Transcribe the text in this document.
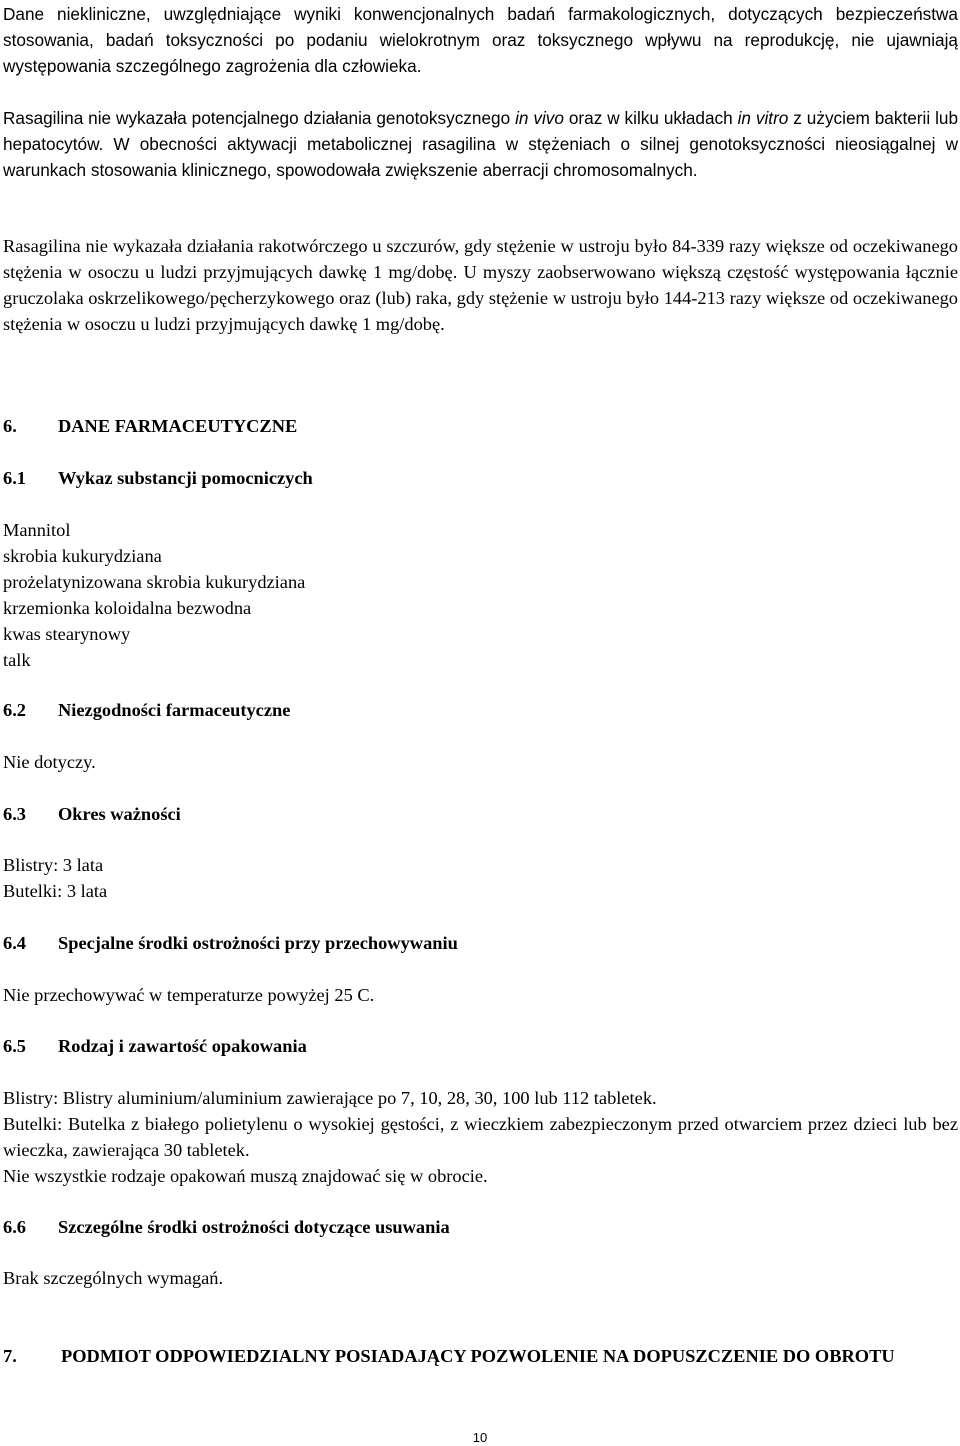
Dane niekliniczne, uwzględniające wyniki konwencjonalnych badań farmakologicznych, dotyczących bezpieczeństwa stosowania, badań toksyczności po podaniu wielokrotnym oraz toksycznego wpływu na reprodukcję, nie ujawniają występowania szczególnego zagrożenia dla człowieka.

Rasagilina nie wykazała potencjalnego działania genotoksycznego in vivo oraz w kilku układach in vitro z użyciem bakterii lub hepatocytów. W obecności aktywacji metabolicznej rasagilina w stężeniach o silnej genotoksyczności nieosiągalnej w warunkach stosowania klinicznego, spowodowała zwiększenie aberracji chromosomalnych.

Rasagilina nie wykazała działania rakotwórczego u szczurów, gdy stężenie w ustroju było 84-339 razy większe od oczekiwanego stężenia w osoczu u ludzi przyjmujących dawkę 1 mg/dobę. U myszy zaobserwowano większą częstość występowania łącznie gruczolaka oskrzelikowego/pęcherzykowego oraz (lub) raka, gdy stężenie w ustroju było 144-213 razy większe od oczekiwanego stężenia w osoczu u ludzi przyjmujących dawkę 1 mg/dobę.

6. DANE FARMACEUTYCZNE

6.1 Wykaz substancji pomocniczych

Mannitol

skrobia kukurydziana

prożelatynizowana skrobia kukurydziana

krzemionka koloidalna bezwodna

kwas stearynowy

talk

6.2 Niezgodności farmaceutyczne

Nie dotyczy.

6.3 Okres ważności

Blistry: 3 lata

Butelki: 3 lata

6.4 Specjalne środki ostrożności przy przechowywaniu

Nie przechowywać w temperaturze powyżej 25 C.

6.5 Rodzaj i zawartość opakowania

Blistry: Blistry aluminium/aluminium zawierające po 7, 10, 28, 30, 100 lub 112 tabletek.

Butelki: Butelka z białego polietylenu o wysokiej gęstości, z wieczkiem zabezpieczonym przed otwarciem przez dzieci lub bez wieczka, zawierająca 30 tabletek.

Nie wszystkie rodzaje opakowań muszą znajdować się w obrocie.

6.6 Szczególne środki ostrożności dotyczące usuwania

Brak szczególnych wymagań.

7. PODMIOT ODPOWIEDZIALNY POSIADAJĄCY POZWOLENIE NA DOPUSZCZENIE DO OBROTU

10
